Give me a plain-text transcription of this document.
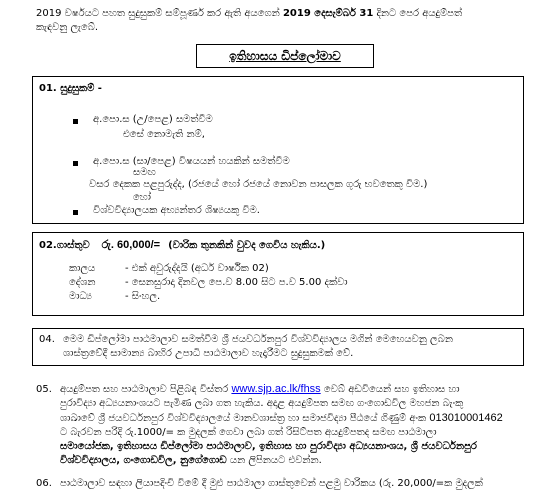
2019 වර්ෂයට පහත සුදුසුකම් සම්පූර්ණ කර ඇති අයගෙන් 2019 දෙසැම්බර් 31 දිනට පෙර අයදුම්පත්

කැඳවනු ලැබේ.

ඉතිහාසය ඩිප්ලෝමාව

01. සුදුසුකම් -

අ.පො.ස (උ/පෙළ) සමත්වීම

එසේ නොමැති නම්,

අ.පො.ස (සා/පෙළ) විෂයයන් හයකින් සමත්වීම

සමඟ

වසර දෙකක පළපුරුද්ද, (රජයේ හෝ රජයේ නොවන පාසලක ගුරු භවතෙකු විම.)

හෝ

විශ්වවිද්‍යාලයක අභ්‍යන්තර ශිෂ්‍යයකු විම.

02.ගාස්තුව රු. 60,000/= (වාරික තුනකින් වුවද ගෙවිය හැකිය.)

කාලය	- එක් අවුරුද්දයි (අර්ධ වාර්ෂික 02)

දේශන	- සෙනසුරාදා දිනවල පෙ.ව 8.00 සිට ප.ව 5.00 දක්වා

මාධ්‍ය	- සිංහල.

04. මෙම ඩිප්ලෝමා පාඨමාලාව සමත්වීම ශ්‍රී ජයවර්ධනපුර විශ්වවිද්‍යාලය මගින් මෙහෙයවනු ලබන

ශාස්ත්‍රවේදී සාමාන්‍ය බාහිර උපාධි පාඨමාලාව හැදෑරීමට සුදුසුකමක් වේ.

05. අයදුම්පත සහ පාඨමාලාව පිළිබඳ විස්තර www.sjp.ac.lk/fhss වෙබ් අඩවියෙන් සහ ඉතිහාස හා

පුරාවිද්‍යා අධ්‍යයනාංශයට පැමිණ ලබා ගත හැකිය. අදාළ අයදුම්පත සමඟ ගංගොඩවිල මහජන බැංකු

ශාඛාවේ ශ්‍රී ජයවර්ධනපුර විශ්වවිද්‍යාලයේ මානවශාස්ත්‍ර හා සමාජවිද්‍යා පීඨයේ ගිණුම් අංක 013010001462

ට බැරවන පරිදි රු.1000/= ක මුදලක් ගෙවා ලබා ගත් රිසිට්පත අයදුම්පතද සමඟ පාඨමාලා

සමායෝජක, ඉතිහාසය ඩිප්ලෝමා පාඨමාලාව, ඉතිහාස හා පුරාවිද්‍යා අධ්‍යයනාංශය, ශ්‍රී ජයවර්ධනපුර

විශ්වවිද්‍යාලය, ගංගොඩවිල, නුගේගොඩ යන ලිපිනයට එවන්න.

06. පාඨමාලාව සඳහා ලියාපදිංචි විමේ දී මුළු පාඨමාලා ගාස්තුවෙන් පළමු වාරිකය (රු. 20,000/=ක මුදලක්
